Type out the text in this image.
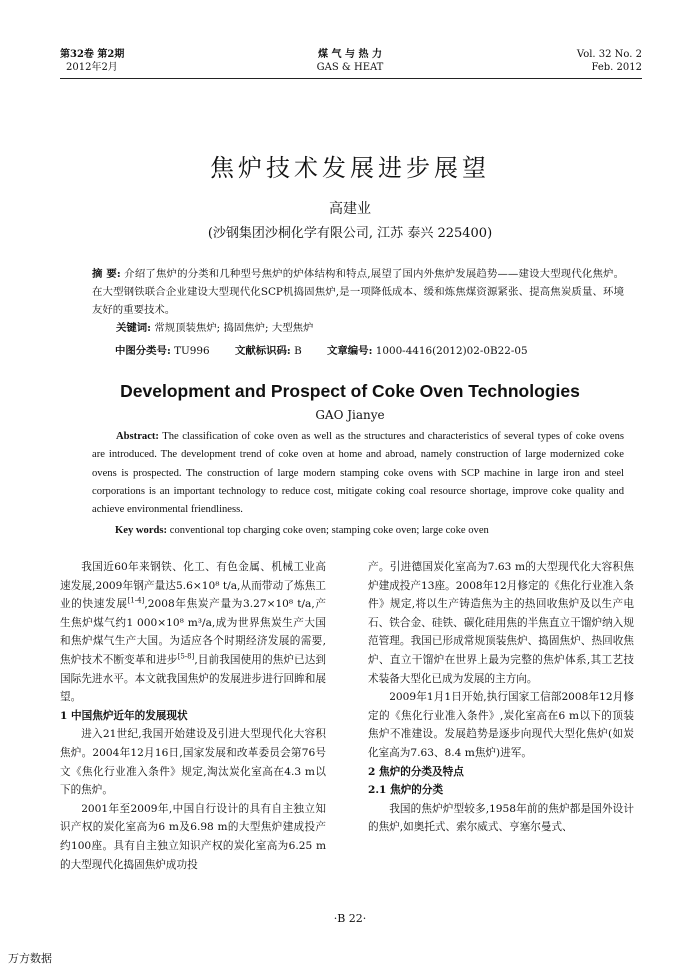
第32卷 第2期
2012年2月
煤 气 与 热 力
GAS & HEAT
Vol. 32 No. 2
Feb. 2012
焦炉技术发展进步展望
高建业
(沙钢集团沙桐化学有限公司, 江苏 泰兴 225400)
摘 要: 介绍了焦炉的分类和几种型号焦炉的炉体结构和特点,展望了国内外焦炉发展趋势——建设大型现代化焦炉。在大型钢铁联合企业建设大型现代化SCP机捣固焦炉,是一项降低成本、缓和炼焦煤资源紧张、提高焦炭质量、环境友好的重要技术。
关键词: 常规顶装焦炉; 捣固焦炉; 大型焦炉
中图分类号: TU996 文献标识码: B 文章编号: 1000-4416(2012)02-0B22-05
Development and Prospect of Coke Oven Technologies
GAO Jianye
Abstract: The classification of coke oven as well as the structures and characteristics of several types of coke ovens are introduced. The development trend of coke oven at home and abroad, namely construction of large modernized coke ovens is prospected. The construction of large modern stamping coke ovens with SCP machine in large iron and steel corporations is an important technology to reduce cost, mitigate coking coal resource shortage, improve coke quality and achieve environmental friendliness.
Key words: conventional top charging coke oven; stamping coke oven; large coke oven

我国近60年来钢铁、化工、有色金属、机械工业高速发展,2009年钢产量达5.6×10⁸ t/a,从而带动了炼焦工业的快速发展[1-4],2008年焦炭产量为3.27×10⁸ t/a,产生焦炉煤气约1 000×10⁸ m³/a,成为世界焦炭生产大国和焦炉煤气生产大国。为适应各个时期经济发展的需要,焦炉技术不断变革和进步[5-8],目前我国使用的焦炉已达到国际先进水平。本文就我国焦炉的发展进步进行回眸和展望。

1 中国焦炉近年的发展现状

进入21世纪,我国开始建设及引进大型现代化大容积焦炉。2004年12月16日,国家发展和改革委员会第76号文《焦化行业准入条件》规定,淘汰炭化室高在4.3 m以下的焦炉。

2001年至2009年,中国自行设计的具有自主独立知识产权的炭化室高为6 m及6.98 m的大型焦炉建成投产约100座。具有自主独立知识产权的炭化室高为6.25 m的大型现代化捣固焦炉成功投

产。引进德国炭化室高为7.63 m的大型现代化大容积焦炉建成投产13座。2008年12月修定的《焦化行业准入条件》规定,将以生产铸造焦为主的热回收焦炉及以生产电石、铁合金、硅铁、碳化硅用焦的半焦直立干馏炉纳入规范管理。我国已形成常规顶装焦炉、捣固焦炉、热回收焦炉、直立干馏炉在世界上最为完整的焦炉体系,其工艺技术装备大型化已成为发展的主方向。

2009年1月1日开始,执行国家工信部2008年12月修定的《焦化行业准入条件》,炭化室高在6 m以下的顶装焦炉不准建设。发展趋势是逐步向现代大型化焦炉(如炭化室高为7.63、8.4 m焦炉)进军。

2 焦炉的分类及特点
2.1 焦炉的分类

我国的焦炉炉型较多,1958年前的焦炉都是国外设计的焦炉,如奥托式、索尔威式、亨塞尔曼式、

·B 22·
万方数据
